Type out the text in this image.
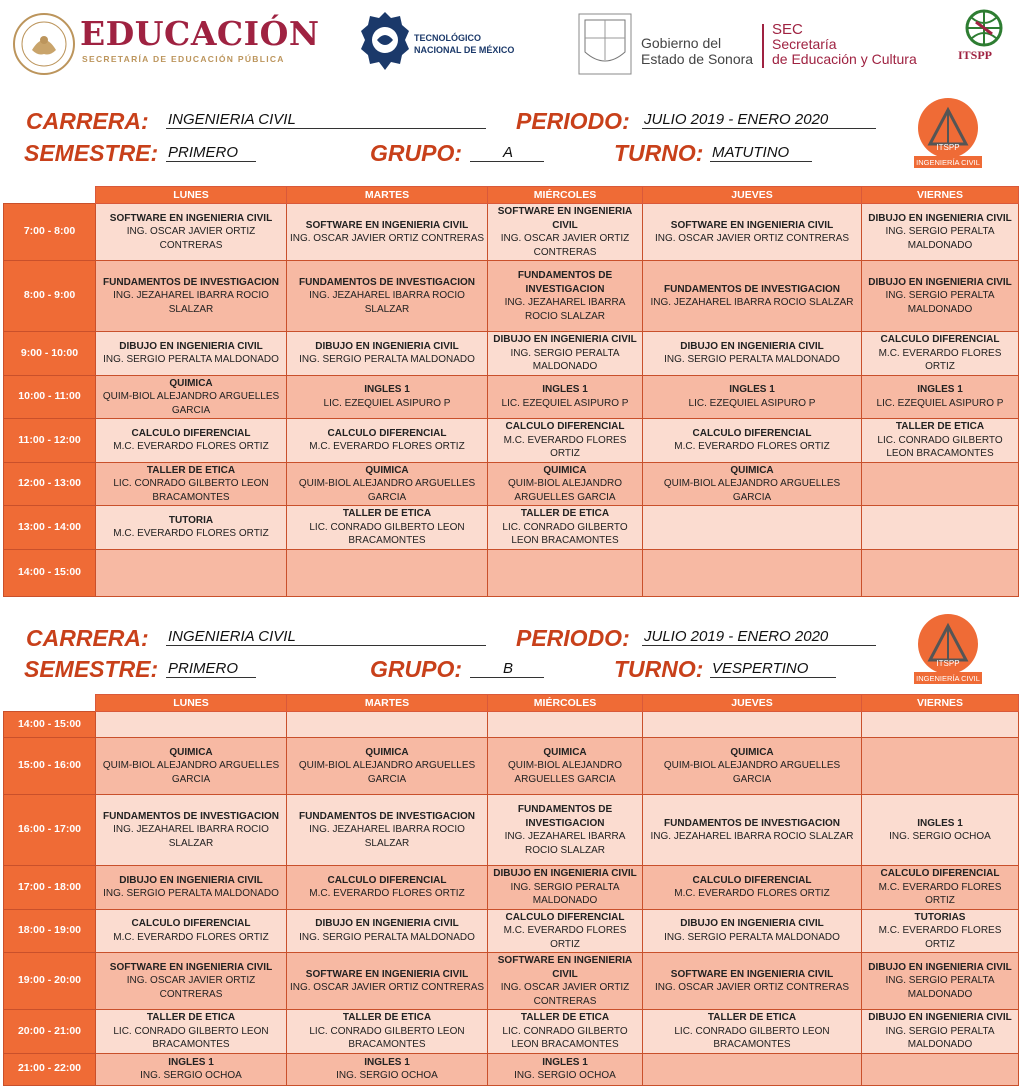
EDUCACIÓN
SECRETARÍA DE EDUCACIÓN PÚBLICA
TECNOLÓGICO
NACIONAL DE MÉXICO	Gobierno del
Estado de Sonora
SEC
Secretaría
de Educación y Cultura	ITSPP
CARRERA: INGENIERIA CIVIL	PERIODO: JULIO 2019 - ENERO 2020
SEMESTRE: PRIMERO	GRUPO:	A	TURNO: MATUTINO	ITSPP
INGENIERÍA CIVIL
	LUNES	MARTES	MIÉRCOLES	JUEVES	VIERNES
7:00 - 8:00	SOFTWARE EN INGENIERIA CIVIL
ING. OSCAR JAVIER ORTIZ CONTRERAS	SOFTWARE EN INGENIERIA CIVIL
ING. OSCAR JAVIER ORTIZ CONTRERAS	SOFTWARE EN INGENIERIA CIVIL
ING. OSCAR JAVIER ORTIZ CONTRERAS	SOFTWARE EN INGENIERIA CIVIL
ING. OSCAR JAVIER ORTIZ CONTRERAS	DIBUJO EN INGENIERIA CIVIL
ING. SERGIO PERALTA MALDONADO

8:00 - 9:00	FUNDAMENTOS DE INVESTIGACION
ING. JEZAHAREL IBARRA ROCIO SLALZAR	FUNDAMENTOS DE INVESTIGACION
ING. JEZAHAREL IBARRA ROCIO SLALZAR	FUNDAMENTOS DE INVESTIGACION
ING. JEZAHAREL IBARRA ROCIO SLALZAR	FUNDAMENTOS DE INVESTIGACION
ING. JEZAHAREL IBARRA ROCIO SLALZAR	DIBUJO EN INGENIERIA CIVIL
ING. SERGIO PERALTA MALDONADO

9:00 - 10:00	DIBUJO EN INGENIERIA CIVIL
ING. SERGIO PERALTA MALDONADO	DIBUJO EN INGENIERIA CIVIL
ING. SERGIO PERALTA MALDONADO	DIBUJO EN INGENIERIA CIVIL
ING. SERGIO PERALTA MALDONADO	DIBUJO EN INGENIERIA CIVIL
ING. SERGIO PERALTA MALDONADO	CALCULO DIFERENCIAL
M.C. EVERARDO FLORES ORTIZ

10:00 - 11:00	QUIMICA
QUIM-BIOL ALEJANDRO ARGUELLES GARCIA	INGLES 1
LIC. EZEQUIEL ASIPURO P	INGLES 1
LIC. EZEQUIEL ASIPURO P	INGLES 1
LIC. EZEQUIEL ASIPURO P	INGLES 1
LIC. EZEQUIEL ASIPURO P

11:00 - 12:00	CALCULO DIFERENCIAL
M.C. EVERARDO FLORES ORTIZ	CALCULO DIFERENCIAL
M.C. EVERARDO FLORES ORTIZ	CALCULO DIFERENCIAL
M.C. EVERARDO FLORES ORTIZ	CALCULO DIFERENCIAL
M.C. EVERARDO FLORES ORTIZ	TALLER DE ETICA
LIC. CONRADO GILBERTO LEON BRACAMONTES

12:00 - 13:00	TALLER DE ETICA
LIC. CONRADO GILBERTO LEON BRACAMONTES	QUIMICA
QUIM-BIOL ALEJANDRO ARGUELLES GARCIA	QUIMICA
QUIM-BIOL ALEJANDRO ARGUELLES GARCIA	QUIMICA
QUIM-BIOL ALEJANDRO ARGUELLES GARCIA	

13:00 - 14:00	TUTORIA
M.C. EVERARDO FLORES ORTIZ	TALLER DE ETICA
LIC. CONRADO GILBERTO LEON BRACAMONTES	TALLER DE ETICA
LIC. CONRADO GILBERTO LEON BRACAMONTES		

14:00 - 15:00	

CARRERA: INGENIERIA CIVIL	PERIODO: JULIO 2019 - ENERO 2020
SEMESTRE: PRIMERO	GRUPO:	B	TURNO: VESPERTINO	ITSPP
INGENIERÍA CIVIL
	LUNES	MARTES	MIÉRCOLES	JUEVES	VIERNES
14:00 - 15:00	

15:00 - 16:00	QUIMICA
QUIM-BIOL ALEJANDRO ARGUELLES GARCIA	QUIMICA
QUIM-BIOL ALEJANDRO ARGUELLES GARCIA	QUIMICA
QUIM-BIOL ALEJANDRO ARGUELLES GARCIA	QUIMICA
QUIM-BIOL ALEJANDRO ARGUELLES GARCIA	

16:00 - 17:00	FUNDAMENTOS DE INVESTIGACION
ING. JEZAHAREL IBARRA ROCIO SLALZAR	FUNDAMENTOS DE INVESTIGACION
ING. JEZAHAREL IBARRA ROCIO SLALZAR	FUNDAMENTOS DE INVESTIGACION
ING. JEZAHAREL IBARRA ROCIO SLALZAR	FUNDAMENTOS DE INVESTIGACION
ING. JEZAHAREL IBARRA ROCIO SLALZAR	INGLES 1
ING. SERGIO OCHOA

17:00 - 18:00	DIBUJO EN INGENIERIA CIVIL
ING. SERGIO PERALTA MALDONADO	CALCULO DIFERENCIAL
M.C. EVERARDO FLORES ORTIZ	DIBUJO EN INGENIERIA CIVIL
ING. SERGIO PERALTA MALDONADO	CALCULO DIFERENCIAL
M.C. EVERARDO FLORES ORTIZ	CALCULO DIFERENCIAL
M.C. EVERARDO FLORES ORTIZ

18:00 - 19:00	CALCULO DIFERENCIAL
M.C. EVERARDO FLORES ORTIZ	DIBUJO EN INGENIERIA CIVIL
ING. SERGIO PERALTA MALDONADO	CALCULO DIFERENCIAL
M.C. EVERARDO FLORES ORTIZ	DIBUJO EN INGENIERIA CIVIL
ING. SERGIO PERALTA MALDONADO	TUTORIAS
M.C. EVERARDO FLORES ORTIZ

19:00 - 20:00	SOFTWARE EN INGENIERIA CIVIL
ING. OSCAR JAVIER ORTIZ CONTRERAS	SOFTWARE EN INGENIERIA CIVIL
ING. OSCAR JAVIER ORTIZ CONTRERAS	SOFTWARE EN INGENIERIA CIVIL
ING. OSCAR JAVIER ORTIZ CONTRERAS	SOFTWARE EN INGENIERIA CIVIL
ING. OSCAR JAVIER ORTIZ CONTRERAS	DIBUJO EN INGENIERIA CIVIL
ING. SERGIO PERALTA MALDONADO

20:00 - 21:00	TALLER DE ETICA
LIC. CONRADO GILBERTO LEON BRACAMONTES	TALLER DE ETICA
LIC. CONRADO GILBERTO LEON BRACAMONTES	TALLER DE ETICA
LIC. CONRADO GILBERTO LEON BRACAMONTES	TALLER DE ETICA
LIC. CONRADO GILBERTO LEON BRACAMONTES	DIBUJO EN INGENIERIA CIVIL
ING. SERGIO PERALTA MALDONADO

21:00 - 22:00	INGLES 1
ING. SERGIO OCHOA	INGLES 1
ING. SERGIO OCHOA	INGLES 1
ING. SERGIO OCHOA		
